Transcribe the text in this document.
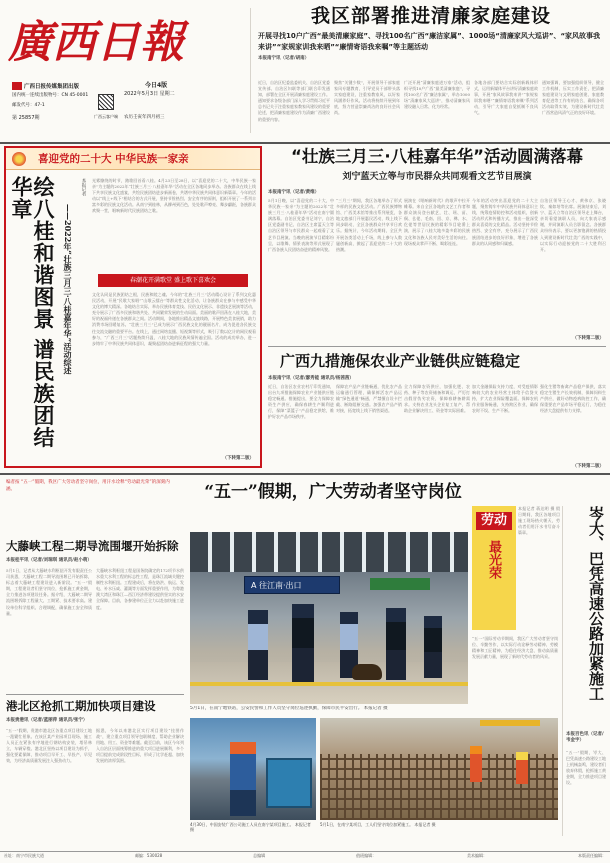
廣西日報
广西日报传媒集团出版	今日4版
国内统一连续出版物号：CN 45-0001	2022年5月3日 星期二
邮发代号：47-1
第 25857期	广西云客户端 农历壬寅年四月初三
我区部署推进清廉家庭建设
开展寻找10户广西“最美清廉家庭”、寻找100名广西“廉洁家属”、1000场“清廉家风大巡讲”、“家风故事我来讲”“家规家训我来晒”“廉情寄语我来嘱”等主题活动
本报南宁讯（记者/胡南）
近日，自治区纪委监委机关、自治区党委宣传部、自治区妇联等部门联合印发通知，部署在全区开展清廉家庭建设工作。通知要求各级各部门深入学习贯彻习近平总书记关于注重家庭家教家风建设的重要论述，把清廉家庭建设作为清廉广西建设的重要内容。
聚焦“关键少数”，开展领导干部家庭家风专题教育，引导党员干部带头落实家庭建设，注重家教家风，以好家风涵养好作风。活动将持续开展到年底，努力营造崇廉尚洁的良好社会风尚。
广泛开展“清廉家庭进万家”活动，组织寻找10户广西“最美清廉家庭”，寻找100名广西“廉洁家属”，举办1000场“清廉家风大巡讲”，推动清廉家风建设融入日常、化为经常。
各地各部门要结合实际创新载体形式，运用新媒体平台讲好清廉家庭故事，开展“家风故事我来讲”“家规家训我来晒”“廉情寄语我来嘱”系列活动，引导广大家庭自觉抵制不良风气。
通知强调，要加强组织领导，健全工作机制，压实工作责任，把清廉家庭建设与文明家庭创建、家庭教育促进等工作有机结合，确保各项活动取得实效，为建设新时代壮美广西营造风清气正的良好环境。
喜迎党的二十大 中华民族一家亲
绘八桂和谐图景 谱民族团结华章
——2022年“壮族三月三·八桂嘉年华”活动综述
本报记者 光雾缭绕的时节，踏歌回首看八桂。4月23日至28日，以“喜迎党的二十大，中华民族一家亲”为主题的2022年“壮族三月三·八桂嘉年华”活动在全区各地同步举办。各族群众在线上线下共享民族文化盛宴，共绘民族团结进步新画卷，共谱中华民族共同体意识新篇章。今年的活动以“线上+线下”相结合的方式开展，坚持节俭热烈、安全有序的原则，组织开展了一系列丰富多彩的民族文化活动。从南宁到桂林，从柳州到百色，处处歌声嘹亮、舞步翩跹，各族群众欢聚一堂，唱响新时代民族团结之歌。
春潮花开满歌堂 盛上歌下喜欢会
文化认同是民族团结之根，民族和睦之魂。今年的“壮族三月三”活动精心设计了系列文化惠民活动，开展“民歌大家唱”“山歌云擂台”等群众性文化活动，让各族群众在参与中感受中华文化的博大精深。各地结合实际，举办民族体育竞技、民俗文化展示、非遗技艺展演等活动，充分展示了广西多民族和谐共处、共同繁荣发展的生动局面。美丽的歌声回荡在八桂大地，美好的祝福传递在各族群众之间。活动期间，各地推出精品文旅线路，开展特色美食展销，助力消费市场回暖复苏。“壮族三月三”已成为展示广西民族文化的靓丽名片，成为促进各民族交往交流交融的重要平台。在线上，通过网络直播、短视频等形式，吸引了数以亿计的网民观看参与，“广西三月三”话题持续升温，八桂大地的民族风情传遍全国。活动的成功举办，进一步铸牢了中华民族共同体意识，凝聚起团结奋进新征程的强大力量。
（下转第二版）
“壮族三月三·八桂嘉年华”活动圆满落幕
刘宁蓝天立等与市民群众共同观看文艺节目展演
本报南宁讯（记者/黄维）
5月1日晚，以“喜迎党的二十大，中华民族一家亲”为主题的2022年“壮族三月三·八桂嘉年华”活动在南宁圆满落幕。自治区党委书记刘宁，自治区党委副书记、自治区主席蓝天立等自治区领导与市民群众一起观看了文艺节目展演。当晚的展演节目精彩纷呈，以歌舞、情景表演等形式展现了广西各族人民团结奋进的精神风貌。
“三月三”期间，我区各地举办了形式多样的民族文化活动。广西民族博物馆、广西美术馆等推出系列展览，各地文旅部门开展惠民活动，线上线下同步联动，全区各族群众共享节日欢乐。据统计，今年活动期间，全区共开展各类活动上千场，线上参与人数屡创新高，掀起了喜迎党的二十大的热潮。
展演在《唱响新时代》的歌声中拉开帷幕。来自全区各地的文艺工作者和群众演员登台献艺，壮、瑶、苗、侗、仫佬、毛南、回、京、彝、水、仡佬等世居民族的精彩节目轮番上演，展示了八桂大地多姿多彩的民族文化和各族人民对美好生活的向往。现场观众掌声不断、喝彩连连。
今年的活动突出喜迎党的二十大主题，聚焦铸牢中华民族共同体意识主线，统筹疫情防控和活动组织，创新活动形式和传播方式，推出一批深受群众喜爱的文化精品。活动坚持节俭热烈、安全有序，充分展示了广西民族团结进步的良好形象，增进了各族群众的认同感和归属感。
自治区领导王心才、黄伟京、张晓钦、秦如培等出席。展演结束后，刘宁、蓝天立等自治区领导走上舞台，亲切看望演职人员，向大家表示感谢，并同演职人员合影留念。各族群众纷纷表示，要以更加饱满的热情投入到建设新时代壮美广西的实践中，以实际行动迎接党的二十大胜利召开。
（下转第二版）
广西九措施保农业产业链供应链稳定
本报南宁讯（记者/廖秀能 通讯员/杨茜茜）
近日，自治区农业农村厅印发通知，出台九项措施保障农业产业链供应链稳定畅通。措施提出，要全力保障农资生产供应，确保春耕生产顺利进行，保障“菜篮子”产品稳定供给，维护好农产品市场秩序。
保障农产品产业链畅通，优化农产品运输通行管理，确保鲜活农产品运输“绿色通道”畅通，严禁擅自设卡拦截、断路阻断交通。加强农产品产销对接，拓宽线上线下销售渠道。
全力保障农资供应，加强化肥、农药、种子等农资储备和调运，严厉打击假冒伪劣农资，保障春耕备耕需求。支持农业龙头企业复工复产，帮助企业解决用工、资金等实际困难。
加大金融保险支持力度，对受疫情影响较大的农业经营主体给予信贷支持，扩大农业保险覆盖面。保障农机作业服务畅通，支持跨区作业，确保农时不误、生产不断。
强化生猪等畜禽产品稳产保供，落实稳定生猪生产长效机制，保障饲料生产供应，做好动物疫病防控工作，确保重要农产品市场平稳运行，为稳住经济大盘提供有力支撑。
（下转第二版）
编者按 “五一”假期，我区广大劳动者坚守岗位，用汗水诠释“劳动最光荣”的深刻内涵。	“五一”假期，广大劳动者坚守岗位
大藤峡工程二期导流围堰开始拆除
本报桂平讯（记者/刘瑞琪 通讯员/赵小萌）
5月1日，记者从大藤峡水利枢纽开发有限责任公司获悉，大藤峡工程二期导流围堰已开始拆除，标志着大藤峡工程建设进入新阶段。“五一”假期，工程建设者们坚守岗位，抢抓施工黄金期，全力推进各项建设任务。据介绍，大藤峡二期导流围堰拆除工程量大、工期紧、技术要求高。建设单位科学组织、合理调配，确保施工安全和质量。
大藤峡水利枢纽工程是国务院确定的172项节水供水重大水利工程的标志性工程，是珠江流域关键控制性水利枢纽。工程建成后，将在防洪、航运、发电、补水压咸、灌溉等方面发挥重要作用，为粤港澳大湾区和珠江—西江经济带建设提供坚实的水安全保障。目前，各参建单位正全力以赴加快施工进度。
港北区抢抓工期加快项目建设
本报贵港讯（记者/蓝丽萍 通讯员/张宁）
“五一”假期，贵港市港北区各重点项目建设工地一派繁忙景象。在该区某产业园项目现场，施工人员正在紧张有序地进行钢结构安装，塔吊林立，车辆穿梭。港北区坚持以项目建设为抓手，强化要素保障，推动项目早开工、早投产、早见效，为经济高质量发展注入强劲动力。
据悉，今年以来港北区实行项目建设“挂图作战”，建立重点项目领导包联制度，帮助企业解决用地、用工、资金等难题。截至目前，该区今年列入自治区层面统筹推进的重大项目进展顺利，多个项目提前完成阶段性目标，形成了比学赶超、加快发展的浓厚氛围。
A 往江南·出口
5月1日，在南宁地铁站，公安民警和工作人员坚守岗位巡逻执勤，保障市民平安出行。 本报记者 摄
劳动
最光荣
“五一”国际劳动节期间，我区广大劳动者坚守岗位、辛勤劳作，以实际行动诠释劳动精神、劳模精神和工匠精神，为稳住经济大盘、推动高质量发展贡献力量，展现了新时代劳动者的风采。
本报记者 蒋达明 摄 假日期间，我区各地项目施工现场热火朝天，劳动者们用汗水书写奋斗篇章。	岑大、巴凭高速公路加紧施工
本报百色讯（记者/韦金宇）
“五一”假期，岑大、巴凭高速公路建设工地上机械轰鸣，建设者们放弃休假，抢抓施工黄金期，全力推进项目建设。
4月30日，中国安装广西公司施工人员在南宁某项目施工。 本报记者 摄
5月1日，在南宁某项目，工人们坚守岗位加紧施工。 本报记者 摄
社址：南宁市民族大道	邮编：530028	总编辑	值班编辑：	美术编辑：	本版责任编辑：
